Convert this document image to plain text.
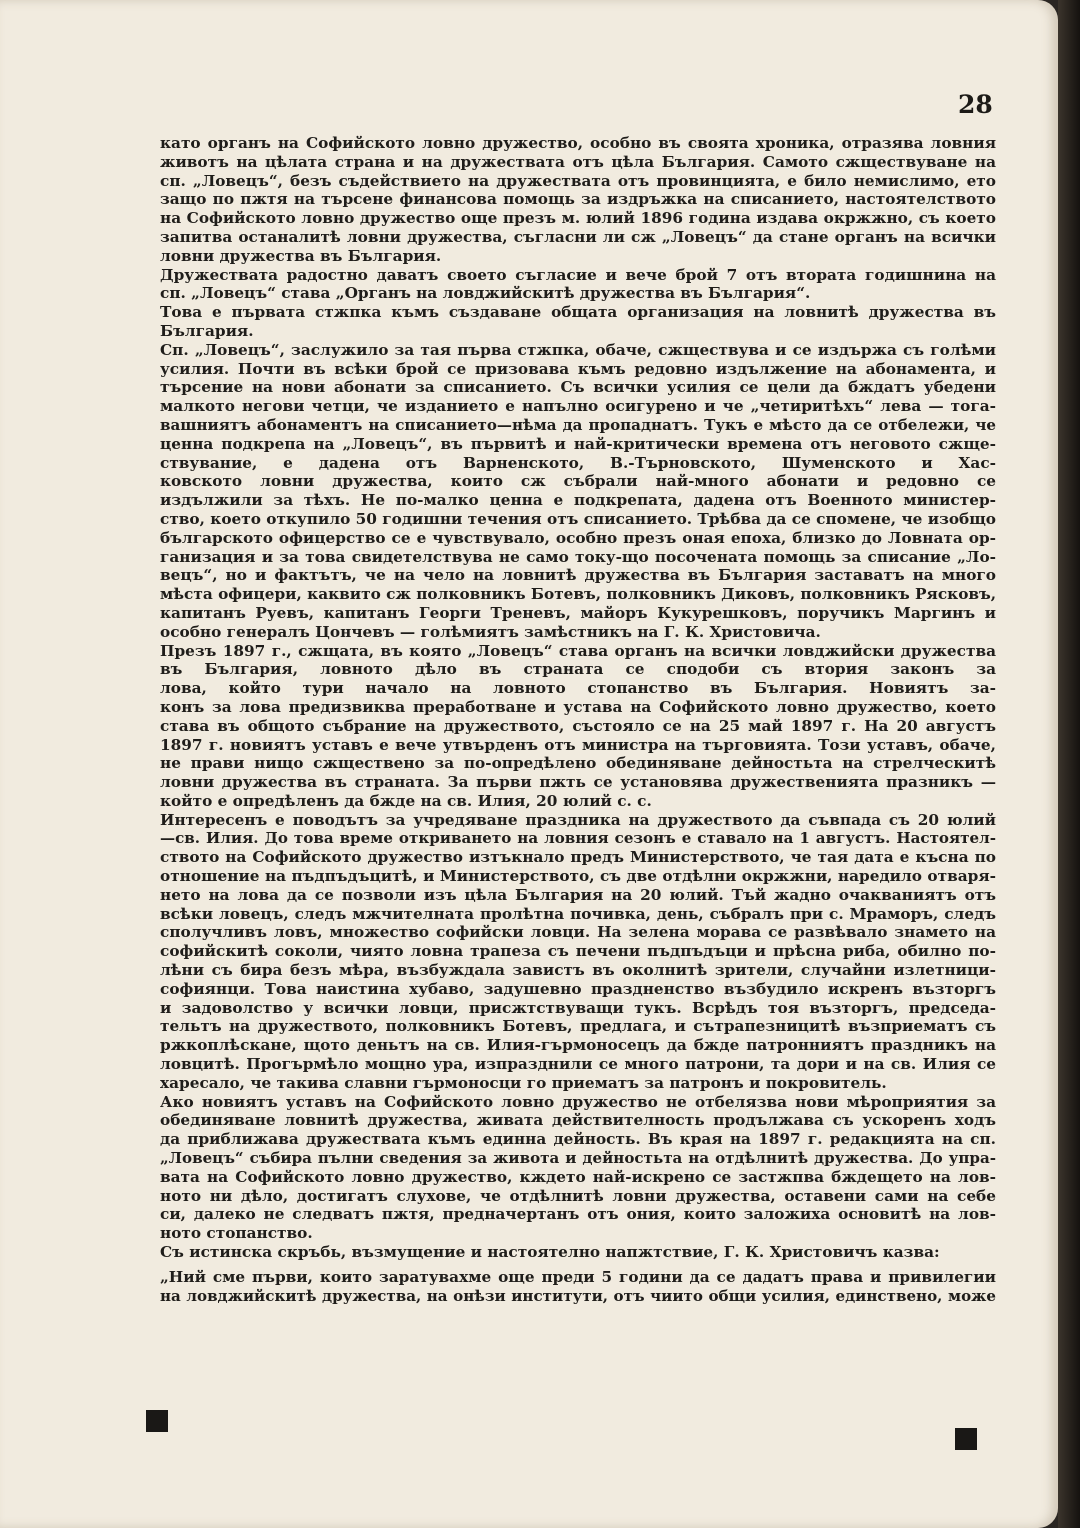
28
като органъ на Софийското ловно дружество, особно въ своята хроника, отразява ловния
животъ на цѣлата страна и на дружествата отъ цѣла България. Самото сжществуване на
сп. „Ловецъ“, безъ съдействието на дружествата отъ провинцията, е било немислимо, ето
защо по пжтя на търсене финансова помощь за издръжка на списанието, настоятелството
на Софийското ловно дружество още презъ м. юлий 1896 година издава окржжно, съ което
запитва останалитѣ ловни дружества, съгласни ли сж „Ловецъ“ да стане органъ на всички
ловни дружества въ България.
Дружествата радостно даватъ своето съгласие и вече брой 7 отъ втората годишнина на
сп. „Ловецъ“ става „Органъ на ловджийскитѣ дружества въ България“.
Това е първата стжпка къмъ създаване общата организация на ловнитѣ дружества въ
България.
Сп. „Ловецъ“, заслужило за тая първа стжпка, обаче, сжществува и се издържа съ голѣми
усилия. Почти въ всѣки брой се призовава къмъ редовно издължение на абонамента, и
търсение на нови абонати за списанието. Съ всички усилия се цели да бждатъ убедени
малкото негови четци, че изданието е напълно осигурено и че „четиритѣхъ“ лева — тога-
вашниятъ абонаментъ на списанието—нѣма да пропаднатъ. Тукъ е мѣсто да се отбележи, че
ценна подкрепа на „Ловецъ“, въ първитѣ и най-критически времена отъ неговото сжще-
ствувание, е дадена отъ Варненското, В.-Търновското, Шуменското и Хас-
ковското ловни дружества, които сж събрали най-много абонати и редовно се
издължили за тѣхъ. Не по-малко ценна е подкрепата, дадена отъ Военното министер-
ство, което откупило 50 годишни течения отъ списанието. Трѣбва да се спомене, че изобщо
българското офицерство се е чувствувало, особно презъ оная епоха, близко до Ловната ор-
ганизация и за това свидетелствува не само току-що посочената помощь за списание „Ло-
вецъ“, но и фактътъ, че на чело на ловнитѣ дружества въ България заставатъ на много
мѣста офицери, каквито сж полковникъ Ботевъ, полковникъ Диковъ, полковникъ Рясковъ,
капитанъ Руевъ, капитанъ Георги Треневъ, майоръ Кукурешковъ, поручикъ Маргинъ и
особно генералъ Цончевъ — голѣмиятъ замѣстникъ на Г. К. Христовича.
Презъ 1897 г., сжщата, въ която „Ловецъ“ става органъ на всички ловджийски дружества
въ България, ловното дѣло въ страната се сподоби съ втория законъ за
лова, който тури начало на ловното стопанство въ България. Новиятъ за-
конъ за лова предизвиква преработване и устава на Софийското ловно дружество, което
става въ общото събрание на дружеството, състояло се на 25 май 1897 г. На 20 августъ
1897 г. новиятъ уставъ е вече утвърденъ отъ министра на търговията. Този уставъ, обаче,
не прави нищо сжществено за по-опредѣлено обединяване дейностьта на стрелческитѣ
ловни дружества въ страната. За първи пжть се установява дружественията празникъ —
който е опредѣленъ да бжде на св. Илия, 20 юлий с. с.
Интересенъ е поводътъ за учредяване праздника на дружеството да съвпада съ 20 юлий
—св. Илия. До това време откриването на ловния сезонъ е ставало на 1 августъ. Настоятел-
ството на Софийското дружество изтъкнало предъ Министерството, че тая дата е късна по
отношение на пъдпъдъцитѣ, и Министерството, съ две отдѣлни окржжни, наредило отваря-
нето на лова да се позволи изъ цѣла България на 20 юлий. Тъй жадно очакваниятъ отъ
всѣки ловецъ, следъ мжчителната пролѣтна почивка, день, събралъ при с. Мраморъ, следъ
сполучливъ ловъ, множество софийски ловци. На зелена морава се развѣвало знамето на
софийскитѣ соколи, чиято ловна трапеза съ печени пъдпъдъци и прѣсна риба, обилно по-
лѣни съ бира безъ мѣра, възбуждала завистъ въ околнитѣ зрители, случайни излетници-
софиянци. Това наистина хубаво, задушевно праздненство възбудило искренъ възторгъ
и задоволство у всички ловци, присжтствуващи тукъ. Всрѣдъ тоя възторгъ, председа-
тельтъ на дружеството, полковникъ Ботевъ, предлага, и сътрапезницитѣ възприематъ съ
ржкоплѣскане, щото деньтъ на св. Илия-гърмоносецъ да бжде патронниятъ праздникъ на
ловцитѣ. Прогърмѣло мощно ура, изпразднили се много патрони, та дори и на св. Илия се
харесало, че такива славни гърмоносци го приематъ за патронъ и покровитель.
Ако новиятъ уставъ на Софийското ловно дружество не отбелязва нови мѣроприятия за
обединяване ловнитѣ дружества, живата действителность продължава съ ускоренъ ходъ
да приближава дружествата къмъ единна дейность. Въ края на 1897 г. редакцията на сп.
„Ловецъ“ събира пълни сведения за живота и дейностьта на отдѣлнитѣ дружества. До упра-
вата на Софийското ловно дружество, кждето най-искрено се застжпва бждещето на лов-
ното ни дѣло, достигатъ слухове, че отдѣлнитѣ ловни дружества, оставени сами на себе
си, далеко не следватъ пжтя, предначертанъ отъ ония, които заложиха основитѣ на лов-
ното стопанство.
Съ истинска скръбь, възмущение и настоятелно напжтствие, Г. К. Христовичъ казва:
„Ний сме първи, които заратувахме още преди 5 години да се дадатъ права и привилегии
на ловджийскитѣ дружества, на онѣзи институти, отъ чиито общи усилия, единствено, може
